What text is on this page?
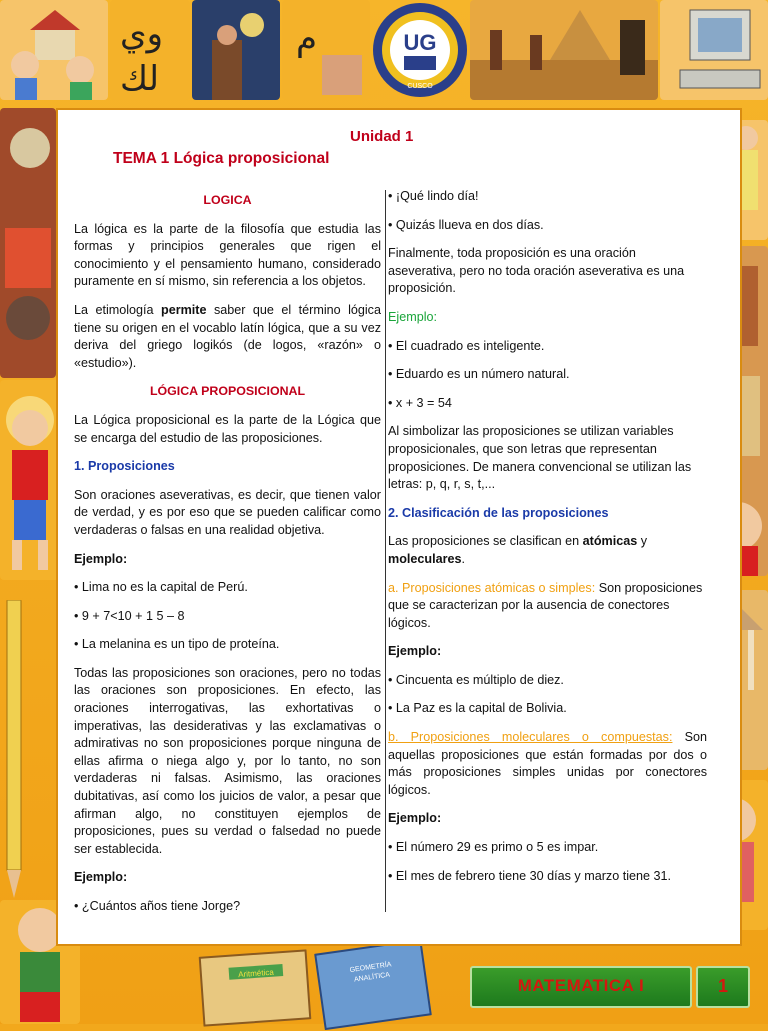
وي
لك
م	UG
CUSCO
Aritmética	GEOMETRÍA
ANALÍTICA
Unidad 1
TEMA 1 Lógica proposicional

LOGICA

La lógica es la parte de la filosofía que estudia las formas y principios generales que rigen el conocimiento y el pensamiento humano, considerado puramente en sí mismo, sin referencia a los objetos.

La etimología permite saber que el término lógica tiene su origen en el vocablo latín lógica, que a su vez deriva del griego logikós (de logos, «razón» o «estudio»).

LÓGICA PROPOSICIONAL

La Lógica proposicional es la parte de la Lógica que se encarga del estudio de las proposiciones.

1. Proposiciones

Son oraciones aseverativas, es decir, que tienen valor de verdad, y es por eso que se pueden calificar como verdaderas o falsas en una realidad objetiva.

Ejemplo:

• Lima no es la capital de Perú.

• 9 + 7<10 + 1 5 – 8

• La melanina es un tipo de proteína.

Todas las proposiciones son oraciones, pero no todas las oraciones son proposiciones. En efecto, las oraciones interrogativas, las exhortativas o imperativas, las desiderativas y las exclamativas o admirativas no son proposiciones porque ninguna de ellas afirma o niega algo y, por lo tanto, no son verdaderas ni falsas. Asimismo, las oraciones dubitativas, así como los juicios de valor, a pesar que afirman algo, no constituyen ejemplos de proposiciones, pues su verdad o falsedad no puede ser establecida.

Ejemplo:

• ¿Cuántos años tiene Jorge?

• ¡Qué lindo día!

• Quizás llueva en dos días.

Finalmente, toda proposición es una oración aseverativa, pero no toda oración aseverativa es una proposición.

Ejemplo:

• El cuadrado es inteligente.

• Eduardo es un número natural.

• x + 3 = 54

Al simbolizar las proposiciones se utilizan variables proposicionales, que son letras que representan proposiciones. De manera convencional se utilizan las letras: p, q, r, s, t,...

2. Clasificación de las proposiciones

Las proposiciones se clasifican en atómicas y moleculares.

a. Proposiciones atómicas o simples: Son proposiciones que se caracterizan por la ausencia de conectores lógicos.

Ejemplo:

• Cincuenta es múltiplo de diez.

• La Paz es la capital de Bolivia.

b. Proposiciones moleculares o compuestas: Son aquellas proposiciones que están formadas por dos o más proposiciones simples unidas por conectores lógicos.

Ejemplo:

• El número 29 es primo o 5 es impar.

• El mes de febrero tiene 30 días y marzo tiene 31.

MATEMATICA I	1
